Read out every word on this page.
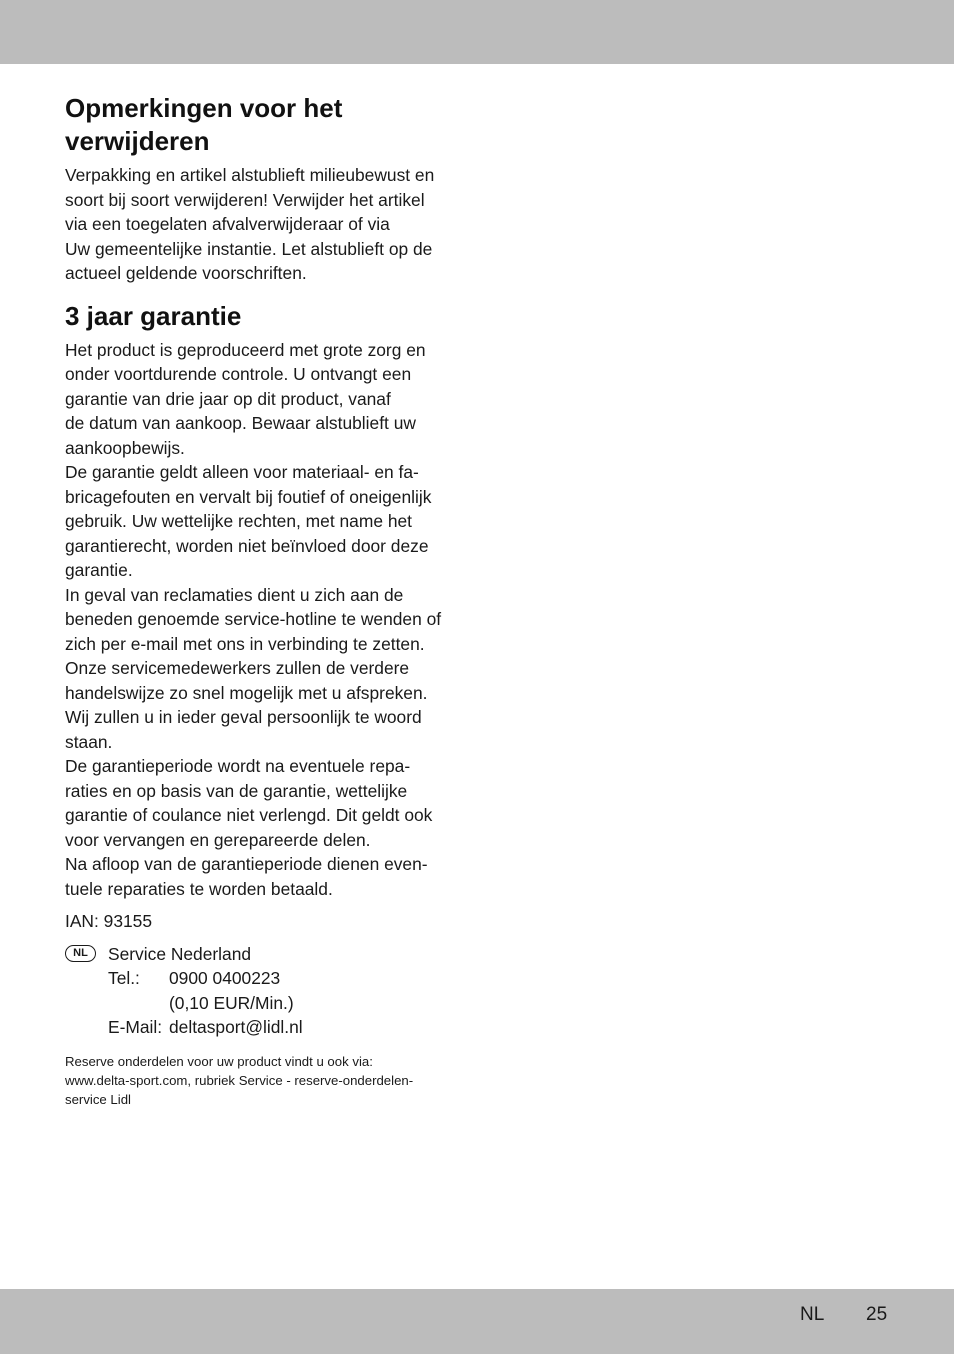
Opmerkingen voor het
verwijderen

Verpakking en artikel alstublieft milieubewust en
soort bij soort verwijderen! Verwijder het artikel
via een toegelaten afvalverwijderaar of via
Uw gemeentelijke instantie. Let alstublieft op de
actueel geldende voorschriften.

3 jaar garantie

Het product is geproduceerd met grote zorg en
onder voortdurende controle. U ontvangt een
garantie van drie jaar op dit product, vanaf
de datum van aankoop. Bewaar alstublieft uw
aankoopbewijs.

De garantie geldt alleen voor materiaal- en fa-
bricagefouten en vervalt bij foutief of oneigenlijk
gebruik. Uw wettelijke rechten, met name het
garantierecht, worden niet beïnvloed door deze
garantie.

In geval van reclamaties dient u zich aan de
beneden genoemde service-hotline te wenden of
zich per e-mail met ons in verbinding te zetten.
Onze servicemedewerkers zullen de verdere
handelswijze zo snel mogelijk met u afspreken.
Wij zullen u in ieder geval persoonlijk te woord
staan.

De garantieperiode wordt na eventuele repa-
raties en op basis van de garantie, wettelijke
garantie of coulance niet verlengd. Dit geldt ook
voor vervangen en gerepareerde delen.

Na afloop van de garantieperiode dienen even-
tuele reparaties te worden betaald.

IAN: 93155

NL	Service Nederland
Tel.: 0900 0400223
(0,10 EUR/Min.)
E-Mail: deltasport@lidl.nl

Reserve onderdelen voor uw product vindt u ook via:
www.delta-sport.com, rubriek Service - reserve-onderdelen-
service Lidl

NL 25
